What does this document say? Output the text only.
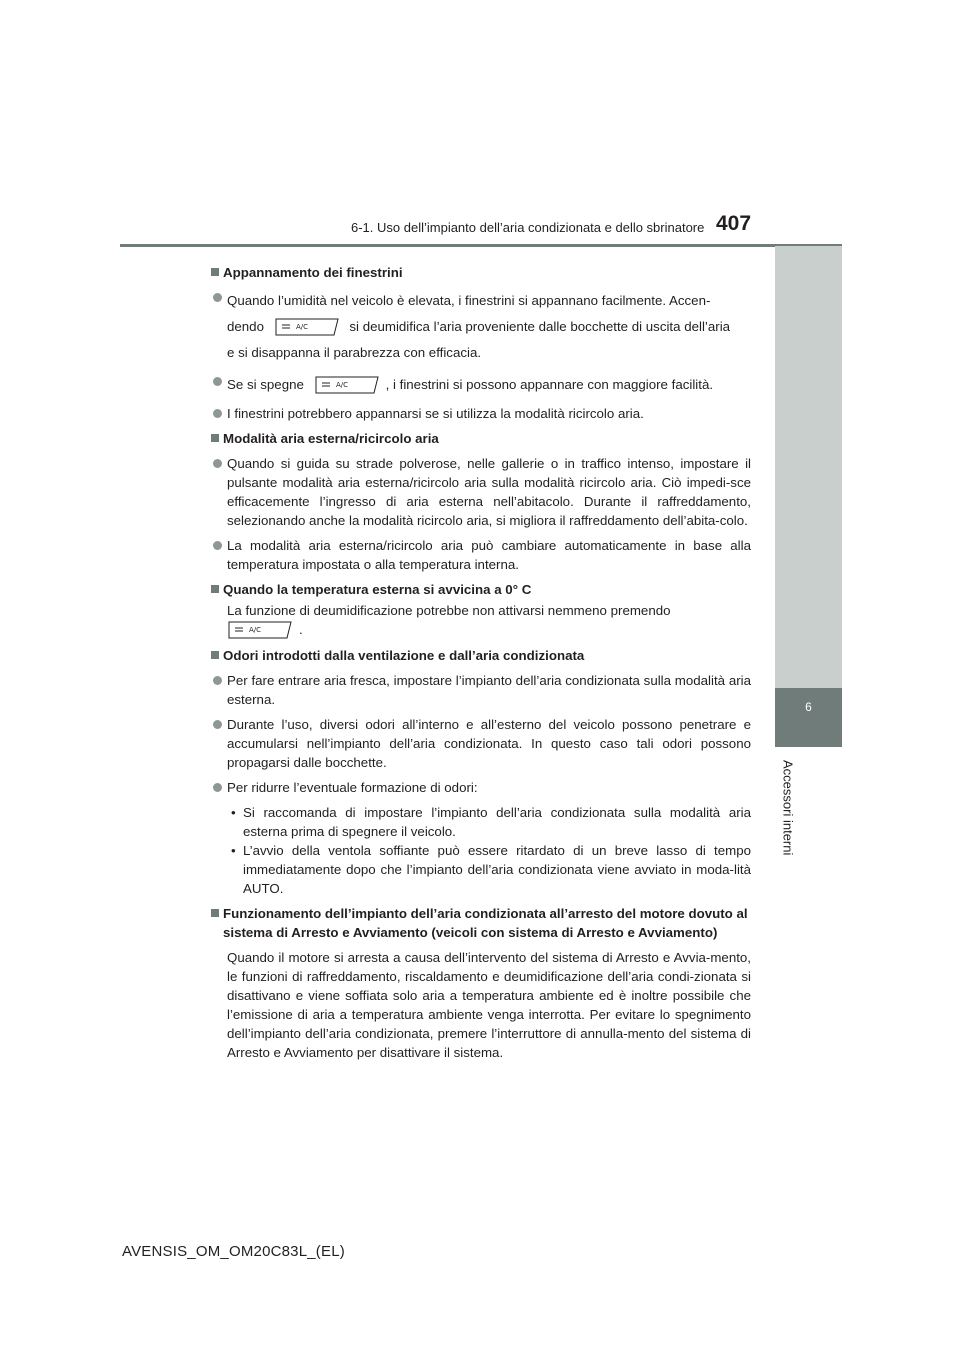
6-1. Uso dell’impianto dell’aria condizionata e dello sbrinatore 407
6
Accessori interni
Appannamento dei finestrini
Quando l’umidità nel veicolo è elevata, i finestrini si appannano facilmente. Accen-
dendo	A/C	si deumidifica l’aria proveniente dalle bocchette di uscita dell’aria
e si disappanna il parabrezza con efficacia.
Se si spegne	A/C	, i finestrini si possono appannare con maggiore facilità.
I finestrini potrebbero appannarsi se si utilizza la modalità ricircolo aria.
Modalità aria esterna/ricircolo aria
Quando si guida su strade polverose, nelle gallerie o in traffico intenso, impostare il pulsante modalità aria esterna/ricircolo aria sulla modalità ricircolo aria. Ciò impedi-sce efficacemente l’ingresso di aria esterna nell’abitacolo. Durante il raffreddamento, selezionando anche la modalità ricircolo aria, si migliora il raffreddamento dell’abita-colo.
La modalità aria esterna/ricircolo aria può cambiare automaticamente in base alla temperatura impostata o alla temperatura interna.
Quando la temperatura esterna si avvicina a 0° C
La funzione di deumidificazione potrebbe non attivarsi nemmeno premendo

A/C	.
Odori introdotti dalla ventilazione e dall’aria condizionata
Per fare entrare aria fresca, impostare l’impianto dell’aria condizionata sulla modalità aria esterna.
Durante l’uso, diversi odori all’interno e all’esterno del veicolo possono penetrare e accumularsi nell’impianto dell’aria condizionata. In questo caso tali odori possono propagarsi dalle bocchette.
Per ridurre l’eventuale formazione di odori:
• Si raccomanda di impostare l’impianto dell’aria condizionata sulla modalità aria esterna prima di spegnere il veicolo.
• L’avvio della ventola soffiante può essere ritardato di un breve lasso di tempo immediatamente dopo che l’impianto dell’aria condizionata viene avviato in moda-lità AUTO.
Funzionamento dell’impianto dell’aria condizionata all’arresto del motore dovuto al sistema di Arresto e Avviamento (veicoli con sistema di Arresto e Avviamento)
Quando il motore si arresta a causa dell’intervento del sistema di Arresto e Avvia-mento, le funzioni di raffreddamento, riscaldamento e deumidificazione dell’aria condi-zionata si disattivano e viene soffiata solo aria a temperatura ambiente ed è inoltre possibile che l’emissione di aria a temperatura ambiente venga interrotta. Per evitare lo spegnimento dell’impianto dell’aria condizionata, premere l’interruttore di annulla-mento del sistema di Arresto e Avviamento per disattivare il sistema.
AVENSIS_OM_OM20C83L_(EL)
